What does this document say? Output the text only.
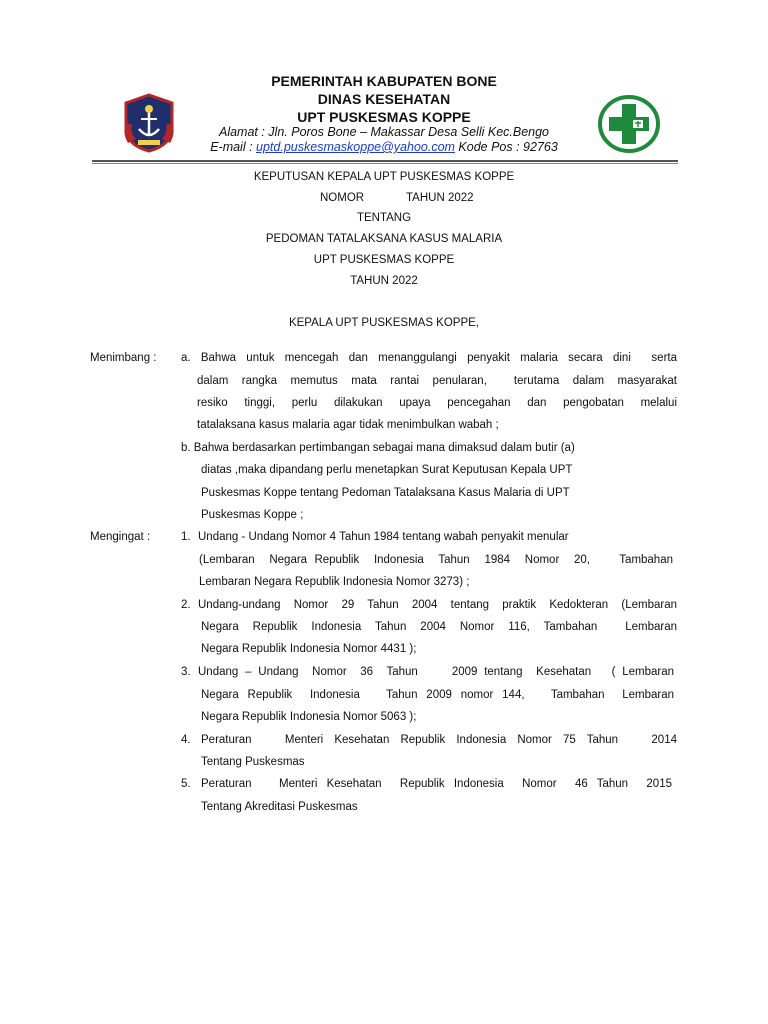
PEMERINTAH KABUPATEN BONE
DINAS KESEHATAN
UPT PUSKESMAS KOPPE
Alamat : Jln. Poros Bone – Makassar Desa Selli Kec.Bengo
E-mail : uptd.puskesmaskoppe@yahoo.com Kode Pos : 92763
KEPUTUSAN KEPALA UPT PUSKESMAS KOPPE
NOMOR	TAHUN 2022
TENTANG
PEDOMAN TATALAKSANA KASUS MALARIA
UPT PUSKESMAS KOPPE
TAHUN 2022
KEPALA UPT PUSKESMAS KOPPE,
Menimbang : a. Bahwa untuk mencegah dan menanggulangi penyakit malaria secara dini  serta
dalam rangka memutus mata rantai penularan,  terutama dalam masyarakat
resiko tinggi, perlu dilakukan upaya pencegahan dan pengobatan melalui
tatalaksana kasus malaria agar tidak menimbulkan wabah ;
b. Bahwa berdasarkan pertimbangan sebagai mana dimaksud dalam butir (a)
diatas ,maka dipandang perlu menetapkan Surat Keputusan Kepala UPT
Puskesmas Koppe tentang Pedoman Tatalaksana Kasus Malaria di UPT
Puskesmas Koppe ;
Mengingat :	1. Undang - Undang Nomor 4 Tahun 1984 tentang wabah penyakit menular
(Lembaran  Negara Republik  Indonesia  Tahun  1984  Nomor  20,    Tambahan
Lembaran Negara Republik Indonesia Nomor 3273) ;
2. Undang-undang Nomor 29 Tahun 2004 tentang praktik Kedokteran (Lembaran
Negara Republik Indonesia Tahun 2004 Nomor 116, Tambahan  Lembaran
Negara Republik Indonesia Nomor 4431 );
3. Undang – Undang  Nomor  36  Tahun     2009 tentang  Kesehatan   ( Lembaran
Negara Republik  Indonesia   Tahun 2009 nomor 144,   Tambahan  Lembaran
Negara Republik Indonesia Nomor 5063 );
4. Peraturan   Menteri Kesehatan Republik Indonesia Nomor 75 Tahun   2014
Tentang Puskesmas
5. Peraturan   Menteri Kesehatan  Republik Indonesia  Nomor  46 Tahun  2015
Tentang Akreditasi Puskesmas
